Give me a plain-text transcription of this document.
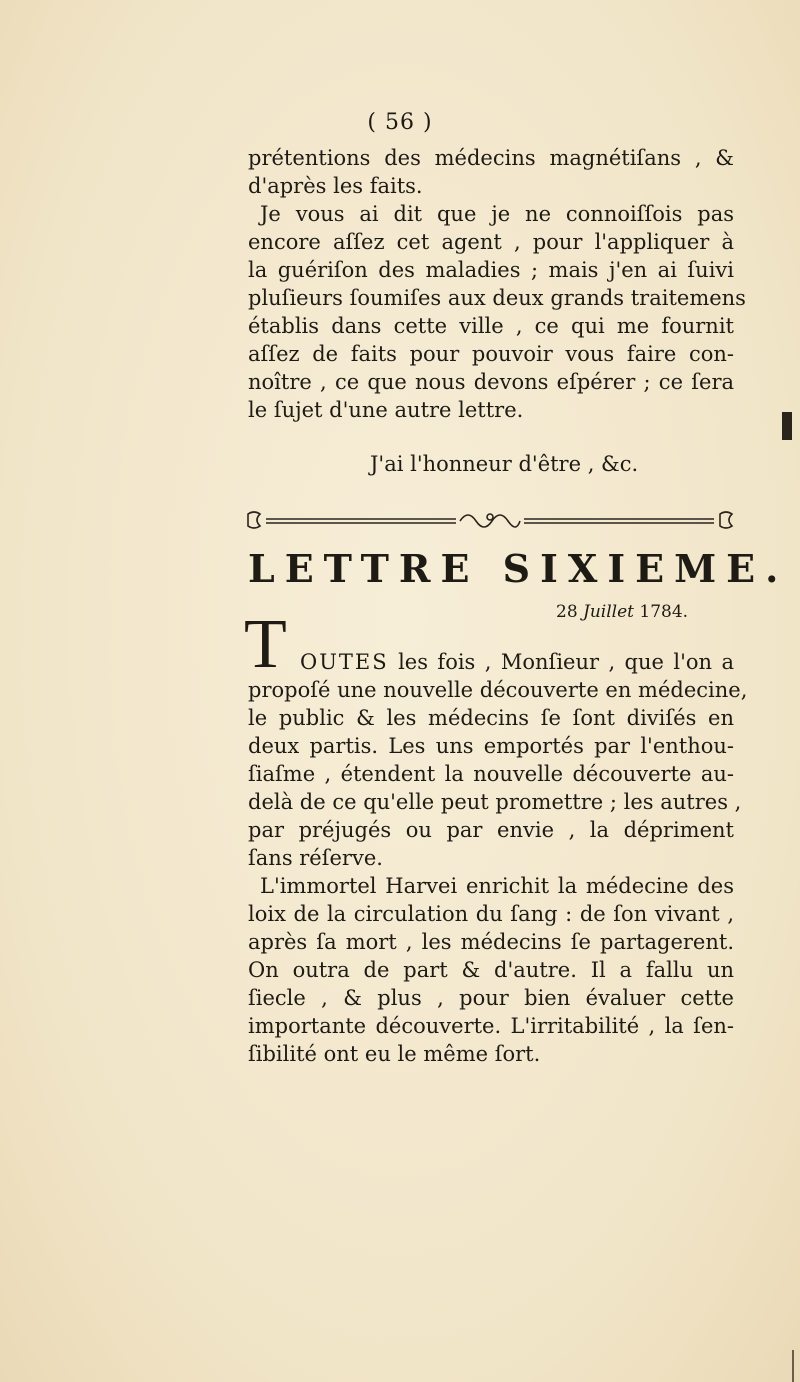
( 56 )
prétentions des médecins magnétiſans , &
d'après les faits.
Je vous ai dit que je ne connoiſſois pas
encore aſſez cet agent , pour l'appliquer à
la guériſon des maladies ; mais j'en ai ſuivi
pluſieurs ſoumiſes aux deux grands traitemens
établis dans cette ville , ce qui me fournit
aſſez de faits pour pouvoir vous faire con-
noître , ce que nous devons eſpérer ; ce ſera
le ſujet d'une autre lettre.
J'ai l'honneur d'être , &c.
LETTRE SIXIEME.
28 Juillet 1784.
T OUTES les fois , Monſieur , que l'on a
propoſé une nouvelle découverte en médecine,
le public & les médecins ſe ſont diviſés en
deux partis. Les uns emportés par l'enthou-
ſiaſme , étendent la nouvelle découverte au-
delà de ce qu'elle peut promettre ; les autres ,
par préjugés ou par envie , la dépriment
ſans réſerve.
L'immortel Harvei enrichit la médecine des
loix de la circulation du ſang : de ſon vivant ,
après ſa mort , les médecins ſe partagerent.
On outra de part & d'autre. Il a fallu un
ſiecle , & plus , pour bien évaluer cette
importante découverte. L'irritabilité , la ſen-
ſibilité ont eu le même ſort.
